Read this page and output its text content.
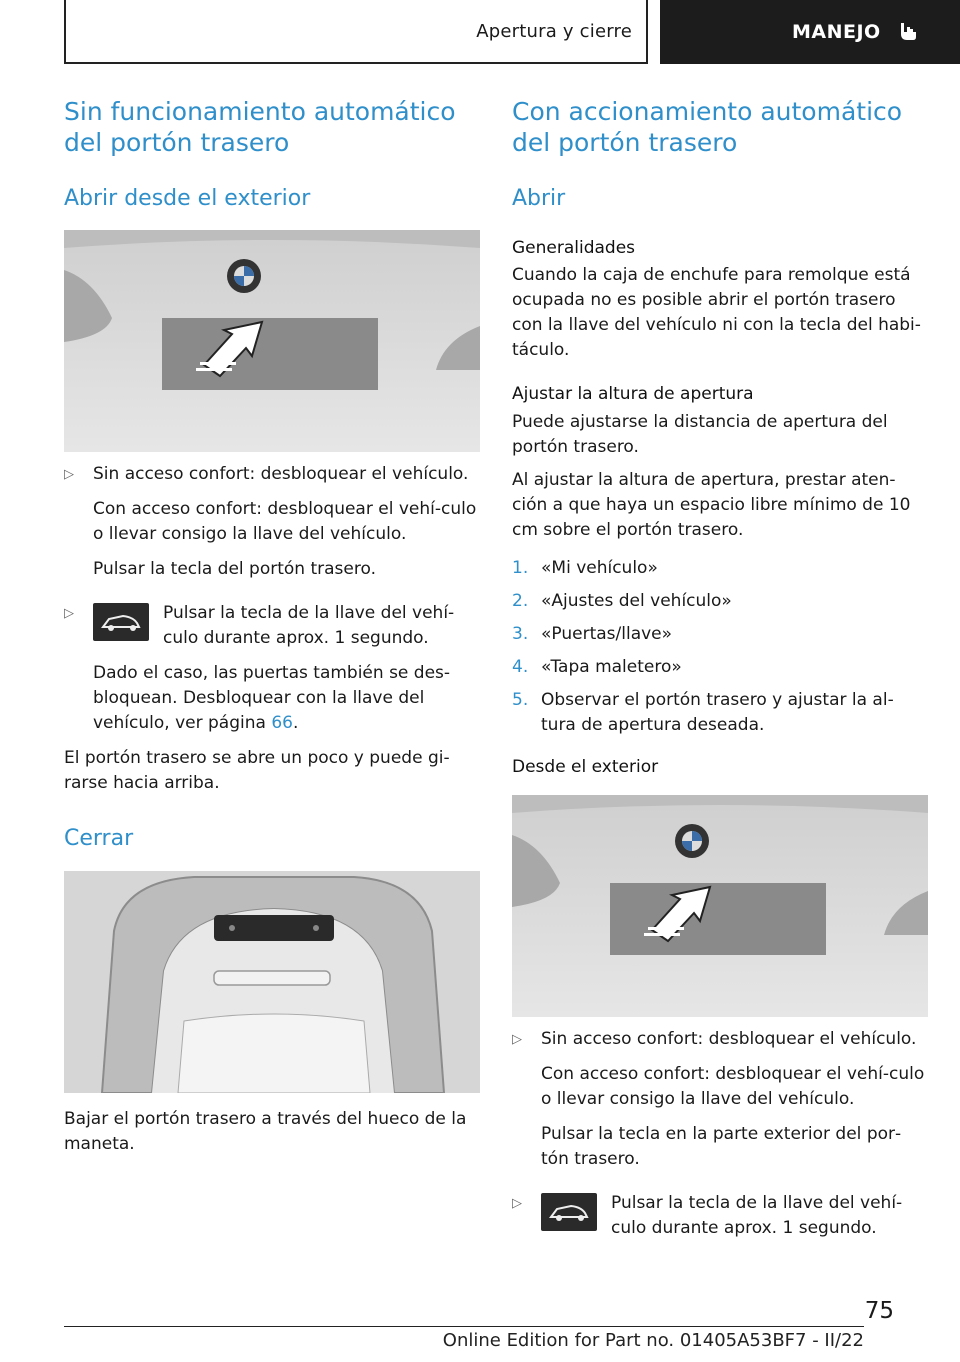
Apertura y cierre	MANEJO
Sin funcionamiento automático del portón trasero
Abrir desde el exterior
▷ Sin acceso confort: desbloquear el vehículo.

Con acceso confort: desbloquear el vehí‐culo o llevar consigo la llave del vehículo.

Pulsar la tecla del portón trasero.

▷	Pulsar la tecla de la llave del vehí‐culo durante aprox. 1 segundo.

Dado el caso, las puertas también se des‐bloquean. Desbloquear con la llave del vehículo, ver página 66.

El portón trasero se abre un poco y puede gi‐rarse hacia arriba.

Cerrar

Bajar el portón trasero a través del hueco de la maneta.

Con accionamiento automático del portón trasero
Abrir
Generalidades

Cuando la caja de enchufe para remolque está ocupada no es posible abrir el portón trasero con la llave del vehículo ni con la tecla del habi‐táculo.

Ajustar la altura de apertura

Puede ajustarse la distancia de apertura del portón trasero.

Al ajustar la altura de apertura, prestar aten‐ción a que haya un espacio libre mínimo de 10 cm sobre el portón trasero.

1. «Mi vehículo»
2. «Ajustes del vehículo»
3. «Puertas/llave»
4. «Tapa maletero»
5. Observar el portón trasero y ajustar la al‐tura de apertura deseada.
Desde el exterior
▷ Sin acceso confort: desbloquear el vehículo.

Con acceso confort: desbloquear el vehí‐culo o llevar consigo la llave del vehículo.

Pulsar la tecla en la parte exterior del por‐tón trasero.

▷	Pulsar la tecla de la llave del vehí‐culo durante aprox. 1 segundo.

75
Online Edition for Part no. 01405A53BF7 - II/22
